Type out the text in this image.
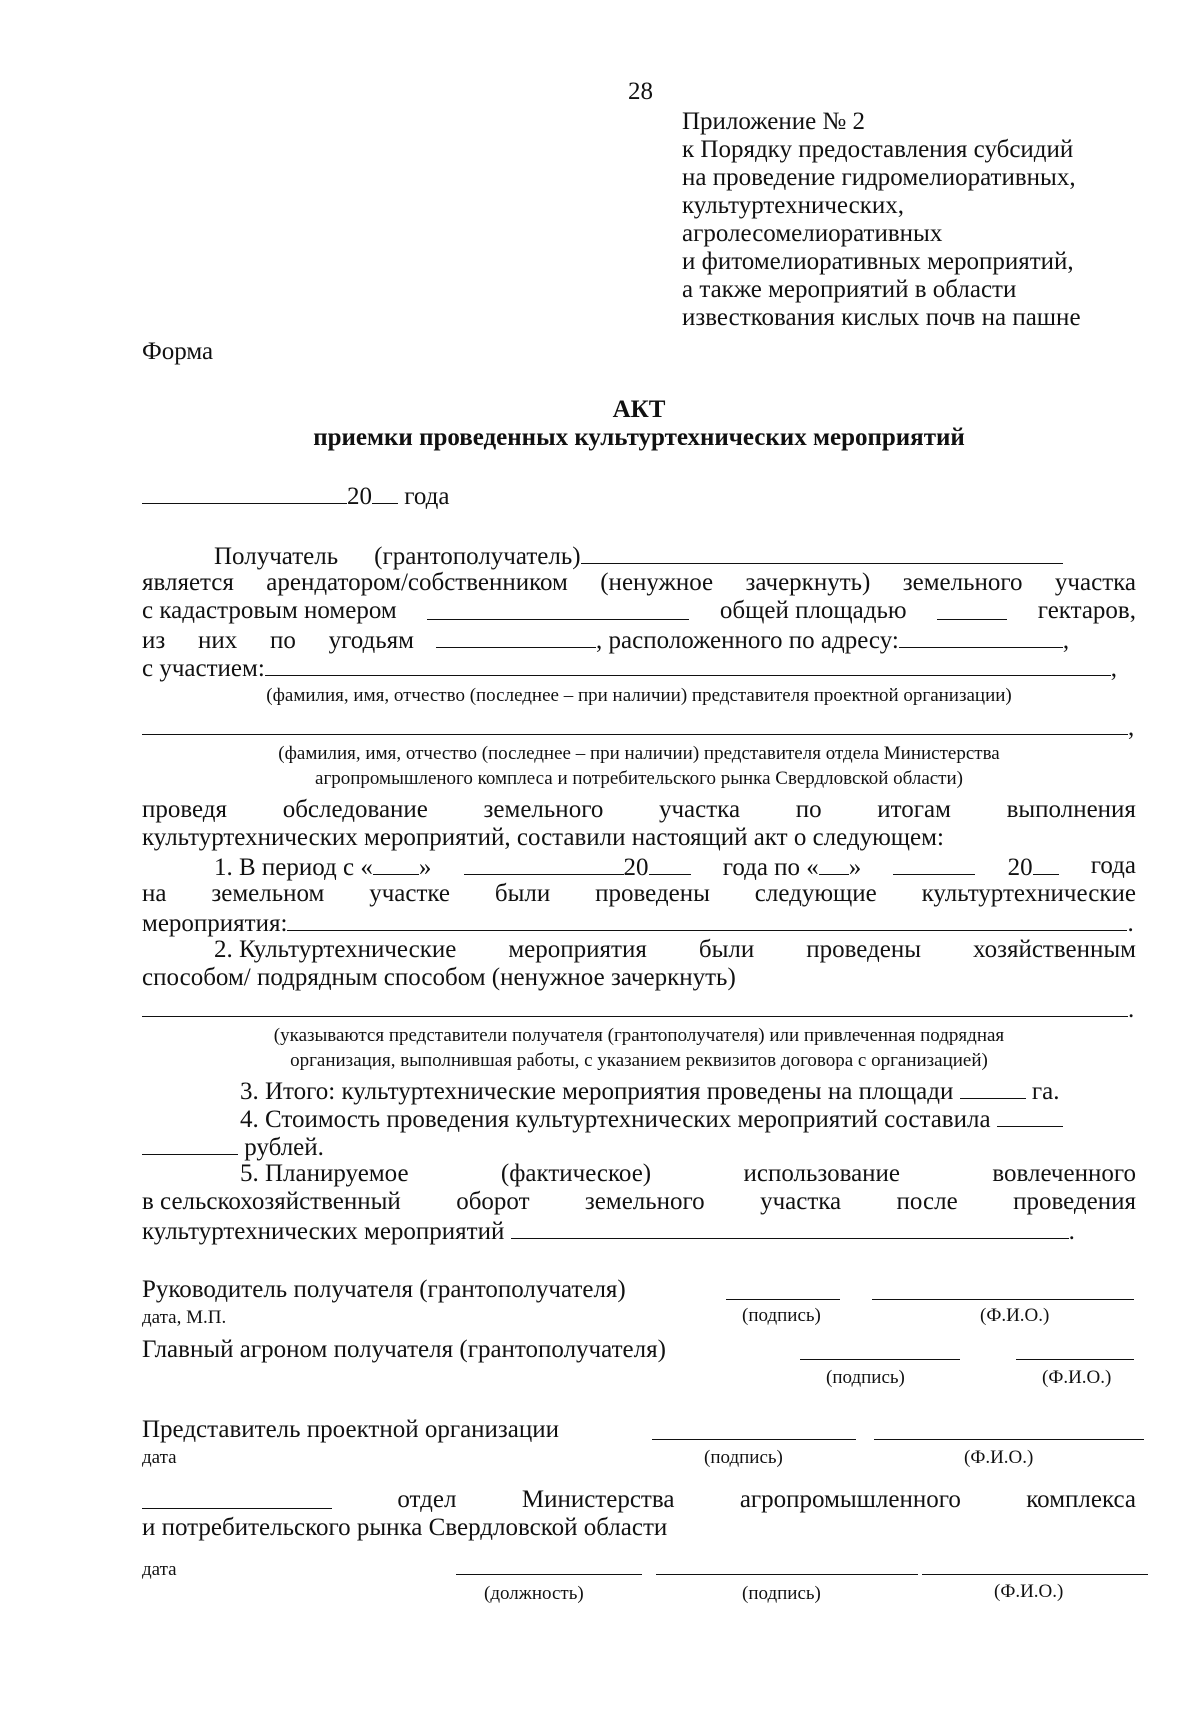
28
Приложение № 2
к Порядку предоставления субсидий
на проведение гидромелиоративных,
культуртехнических,
агролесомелиоративных
и фитомелиоративных мероприятий,
а также мероприятий в области
известкования кислых почв на пашне
Форма
АКТ
приемки проведенных культуртехнических мероприятий
20 года
Получатель (грантополучатель)
является арендатором/собственником (ненужное зачеркнуть) земельного участка
с кадастровым номером	общей площадью	гектаров,
из них по угодьям	, расположенного по адресу:	,
с участием:	,
(фамилия, имя, отчество (последнее – при наличии) представителя проектной организации)
,
(фамилия, имя, отчество (последнее – при наличии) представителя отдела Министерства
агропромышленого комплеса и потребительского рынка Свердловской области)
проведя обследование земельного участка по итогам выполнения
культуртехнических мероприятий, составили настоящий акт о следующем:
1. В период с « »	20	года по « »	20	года
на земельном участке были проведены следующие культуртехнические
мероприятия:	.
2. Культуртехнические мероприятия были проведены хозяйственным
способом/ подрядным способом (ненужное зачеркнуть)
.
(указываются представители получателя (грантополучателя) или привлеченная подрядная
организация, выполнившая работы, с указанием реквизитов договора с организацией)
3. Итого: культуртехнические мероприятия проведены на площади	га.
4. Стоимость проведения культуртехнических мероприятий составила
рублей.
5. Планируемое	(фактическое)	использование	вовлеченного
в сельскохозяйственный оборот земельного участка после проведения
культуртехнических мероприятий	.
Руководитель получателя (грантополучателя)
дата, М.П.	(подпись)	(Ф.И.О.)
Главный агроном получателя (грантополучателя)
(подпись)	(Ф.И.О.)
Представитель проектной организации
дата	(подпись)	(Ф.И.О.)
отдел	Министерства	агропромышленного	комплекса
и потребительского рынка Свердловской области
дата
(должность)	(подпись)	(Ф.И.О.)
